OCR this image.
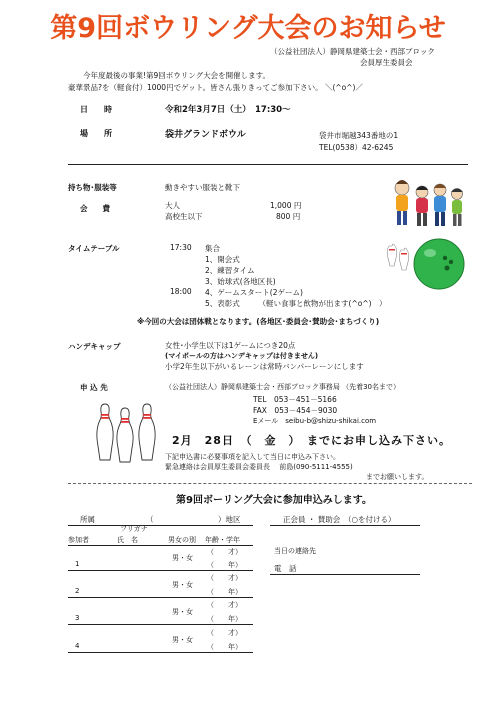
第9回ボウリング大会のお知らせ
（公益社団法人）静岡県建築士会・西部ブロック
会員厚生委員会
今年度最後の事業!第9回ボウリング大会を開催します。
豪華景品?を（軽食付）1000円でゲット。皆さん張りきってご参加下さい。 ＼(^o^)／
日　　時	令和2年3月7日（土）　17:30～
場　　所	袋井グランドボウル	袋井市堀越343番地の1
TEL(0538）42-6245
持ち物･服装等	動きやすい服装と靴下
会　　費	大人	1,000 円
高校生以下	800 円
タイムテーブル	17:30 集合
1、開会式
2、練習タイム
3、始球式(各地区長)
18:00 4、ゲームスタート(2ゲーム)
5、表彰式　　　（軽い食事と飲物が出ます(^o^)　）
※今回の大会は団体戦となります。(各地区･委員会･賛助会･まちづくり)
ハンデキャップ	女性･小学生以下は1ゲームにつき20点
(マイボールの方はハンデキャップは付きません)
小学2年生以下がいるレーンは常時バンパーレーンにします
申 込 先	（公益社団法人）静岡県建築士会・西部ブロック事務局 （先着30名まで）
TEL　053－451－5166
FAX　053－454－9030
Eメール　seibu-b@shizu-shikai.com
2月　28日　（　金　）　までにお申し込み下さい。
下記申込書に必要事項を記入して当日に申込み下さい。
緊急連絡は会員厚生委員会委員長　 前島(090-5111-4555)
までお願いします。
第9回ボーリング大会に参加申込みします。
所属	（	）地区	正会員 ・ 賛助会　（○を付ける）
フリガナ
参加者	氏　名	男女の別 年齢・学年
当日の連絡先
電　話
1
男・女
（　　才）
（　　年）
2
男・女
（　　才）
（　　年）
3
男・女
（　　才）
（　　年）
4
男・女
（　　才）
（　　年）
